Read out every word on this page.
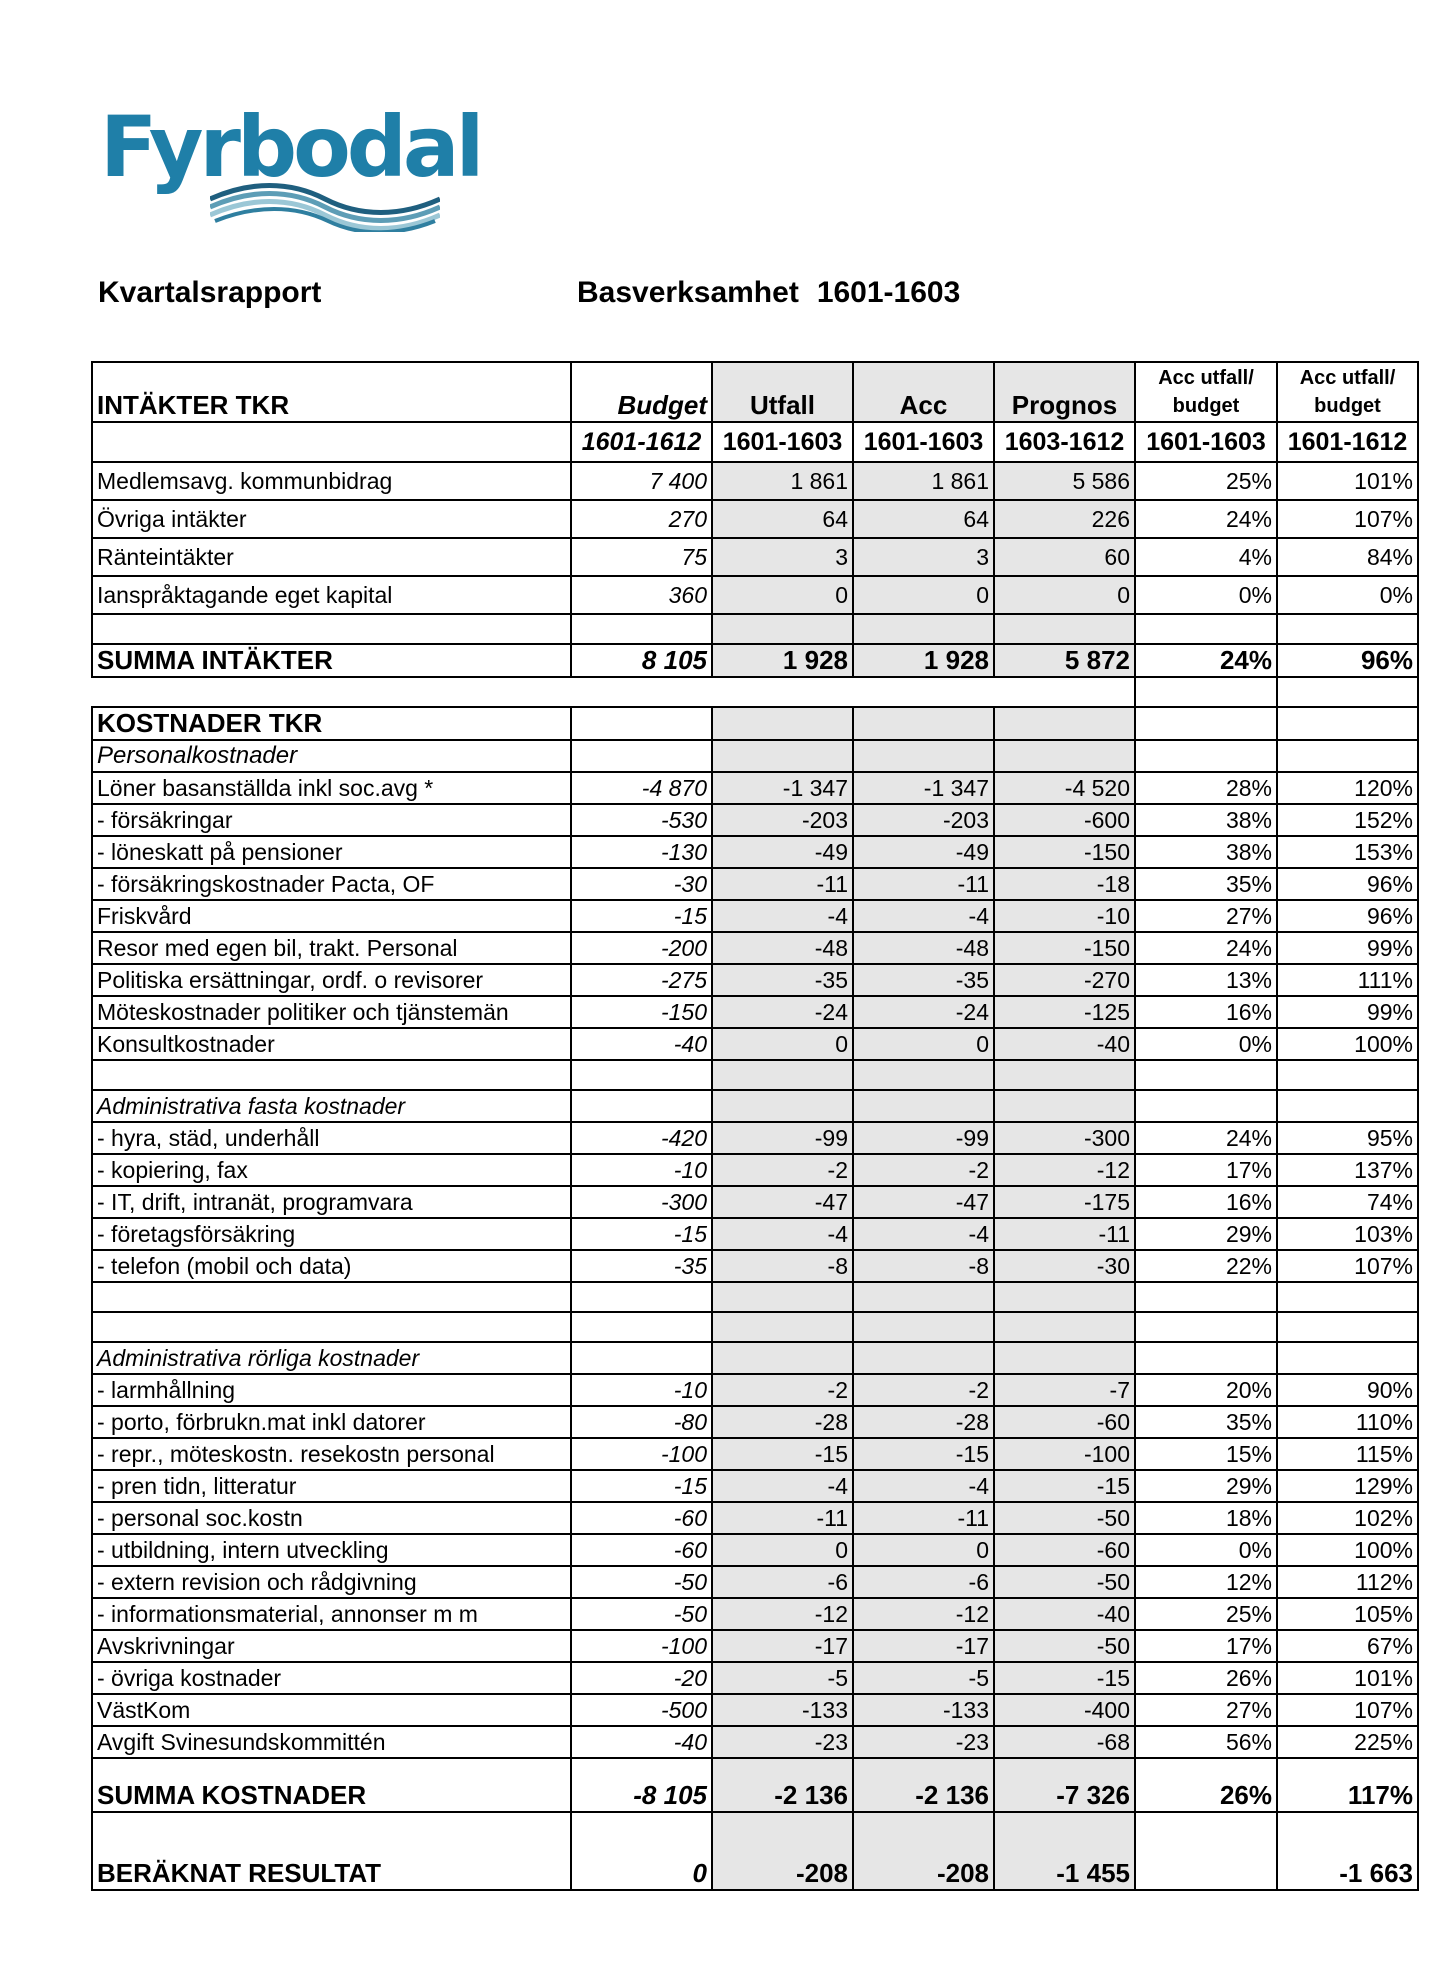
Fyrbodal
Kvartalsrapport	Basverksamhet 1601-1603
INTÄKTER TKR	Budget	Utfall	Acc	Prognos	Acc utfall/ budget	Acc utfall/ budget
	1601-1612	1601-1603	1601-1603	1603-1612	1601-1603	1601-1612
Medlemsavg. kommunbidrag	7 400	1 861	1 861	5 586	25%	101%
Övriga intäkter	270	64	64	226	24%	107%
Ränteintäkter	75	3	3	60	4%	84%
Ianspråktagande eget kapital	360	0	0	0	0%	0%

SUMMA INTÄKTER	8 105	1 928	1 928	5 872	24%	96%

KOSTNADER TKR						
Personalkostnader						
Löner basanställda inkl soc.avg *	-4 870	-1 347	-1 347	-4 520	28%	120%
- försäkringar	-530	-203	-203	-600	38%	152%
- löneskatt på pensioner	-130	-49	-49	-150	38%	153%
- försäkringskostnader Pacta, OF	-30	-11	-11	-18	35%	96%
Friskvård	-15	-4	-4	-10	27%	96%
Resor med egen bil, trakt. Personal	-200	-48	-48	-150	24%	99%
Politiska ersättningar, ordf. o revisorer	-275	-35	-35	-270	13%	111%
Möteskostnader politiker och tjänstemän	-150	-24	-24	-125	16%	99%
Konsultkostnader	-40	0	0	-40	0%	100%

Administrativa fasta kostnader						
- hyra, städ, underhåll	-420	-99	-99	-300	24%	95%
- kopiering, fax	-10	-2	-2	-12	17%	137%
- IT, drift, intranät, programvara	-300	-47	-47	-175	16%	74%
- företagsförsäkring	-15	-4	-4	-11	29%	103%
- telefon (mobil och data)	-35	-8	-8	-30	22%	107%

Administrativa rörliga kostnader						
- larmhållning	-10	-2	-2	-7	20%	90%
- porto, förbrukn.mat inkl datorer	-80	-28	-28	-60	35%	110%
- repr., möteskostn. resekostn personal	-100	-15	-15	-100	15%	115%
- pren tidn, litteratur	-15	-4	-4	-15	29%	129%
- personal soc.kostn	-60	-11	-11	-50	18%	102%
- utbildning, intern utveckling	-60	0	0	-60	0%	100%
- extern revision och rådgivning	-50	-6	-6	-50	12%	112%
- informationsmaterial, annonser m m	-50	-12	-12	-40	25%	105%
Avskrivningar	-100	-17	-17	-50	17%	67%
- övriga kostnader	-20	-5	-5	-15	26%	101%
VästKom	-500	-133	-133	-400	27%	107%
Avgift Svinesundskommittén	-40	-23	-23	-68	56%	225%
SUMMA KOSTNADER	-8 105	-2 136	-2 136	-7 326	26%	117%
BERÄKNAT RESULTAT	0	-208	-208	-1 455		-1 663
